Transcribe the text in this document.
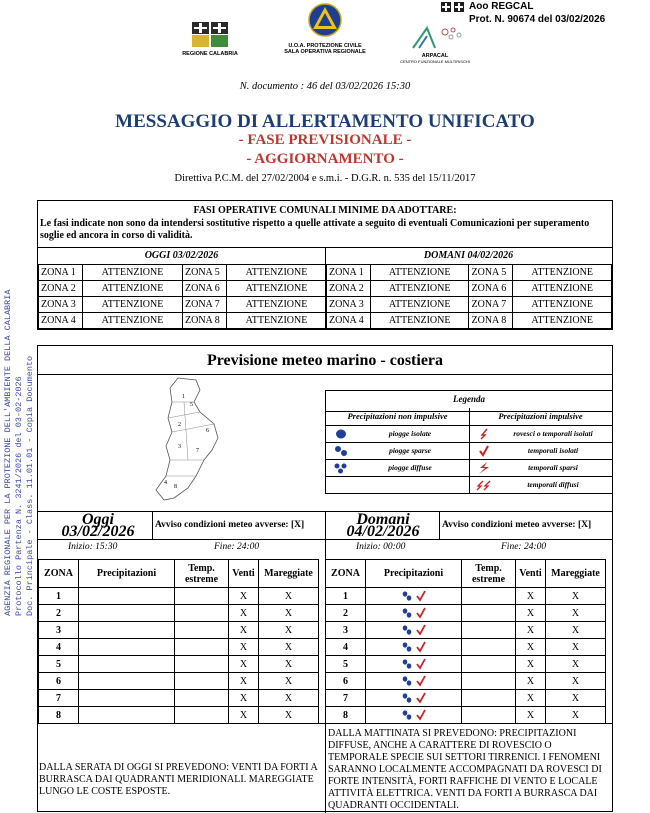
Aoo REGCAL
Prot. N. 90674 del 03/02/2026
REGIONE CALABRIA
U.O.A. PROTEZIONE CIVILE
SALA OPERATIVA REGIONALE
ARPACAL
CENTRO FUNZIONALE MULTIRISCHI
N. documento : 46 del 03/02/2026 15:30
MESSAGGIO DI ALLERTAMENTO UNIFICATO
- FASE PREVISIONALE -
- AGGIORNAMENTO -
Direttiva P.C.M. del 27/02/2004 e s.m.i. - D.G.R. n. 535 del 15/11/2017
AGENZIA REGIONALE PER LA PROTEZIONE DELL'AMBIENTE DELLA CALABRIA Protocollo Partenza N. 3241/2026 del 03-02-2026 Doc. Principale - Class. 11.01.01 - Copia Documento
FASI OPERATIVE COMUNALI MINIME DA ADOTTARE:
Le fasi indicate non sono da intendersi sostitutive rispetto a quelle attivate a seguito di eventuali Comunicazioni per superamento soglie ed ancora in corso di validità.
OGGI 03/02/2026	DOMANI 04/02/2026
ZONA 1	ATTENZIONE	ZONA 5	ATTENZIONE
ZONA 2	ATTENZIONE	ZONA 6	ATTENZIONE
ZONA 3	ATTENZIONE	ZONA 7	ATTENZIONE
ZONA 4	ATTENZIONE	ZONA 8	ATTENZIONE
ZONA 1	ATTENZIONE	ZONA 5	ATTENZIONE
ZONA 2	ATTENZIONE	ZONA 6	ATTENZIONE
ZONA 3	ATTENZIONE	ZONA 7	ATTENZIONE
ZONA 4	ATTENZIONE	ZONA 8	ATTENZIONE
Previsione meteo marino - costiera
1
5
2
6
3
7
4
8
Legenda
Precipitazioni non impulsive	Precipitazioni impulsive
piogge isolate
piogge sparse
piogge diffuse
rovesci o temporali isolati
temporali isolati
temporali sparsi
temporali diffusi
Oggi
03/02/2026	Avviso condizioni meteo avverse: [X]
Inizio: 15:30	Fine: 24:00
Domani
04/02/2026	Avviso condizioni meteo avverse: [X]
Inizio: 00:00	Fine: 24:00
ZONA	Precipitazioni	Temp. estreme	Venti	Mareggiate
1			X	X
2			X	X
3			X	X
4			X	X
5			X	X
6			X	X
7			X	X
8			X	X
ZONA	Precipitazioni	Temp. estreme	Venti	Mareggiate
1			X	X
2			X	X
3			X	X
4			X	X
5			X	X
6			X	X
7			X	X
8			X	X
DALLA SERATA DI OGGI SI PREVEDONO: VENTI DA FORTI A BURRASCA DAI QUADRANTI MERIDIONALI. MAREGGIATE LUNGO LE COSTE ESPOSTE.
DALLA MATTINATA SI PREVEDONO: PRECIPITAZIONI DIFFUSE, ANCHE A CARATTERE DI ROVESCIO O TEMPORALE SPECIE SUI SETTORI TIRRENICI. I FENOMENI SARANNO LOCALMENTE ACCOMPAGNATI DA ROVESCI DI FORTE INTENSITÀ, FORTI RAFFICHE DI VENTO E LOCALE ATTIVITÀ ELETTRICA. VENTI DA FORTI A BURRASCA DAI QUADRANTI OCCIDENTALI.
